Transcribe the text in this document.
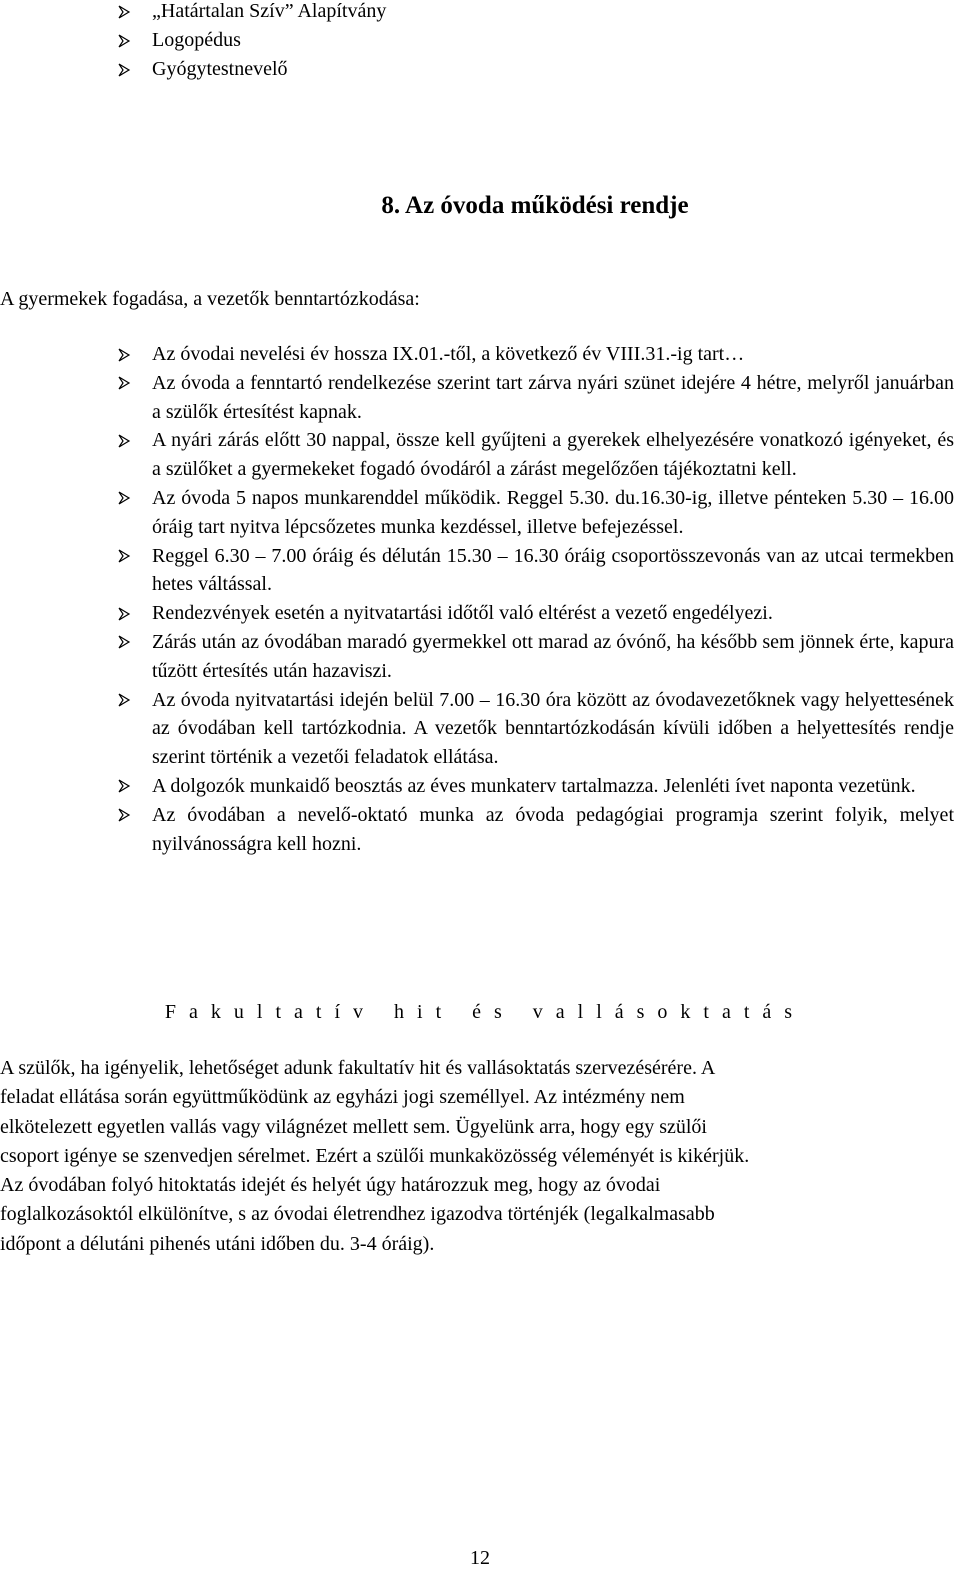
„Határtalan Szív” Alapítvány
Logopédus
Gyógytestnevelő
8. Az óvoda működési rendje
A gyermekek fogadása, a vezetők benntartózkodása:
Az óvodai nevelési év hossza IX.01.-től, a következő év VIII.31.-ig tart…
Az óvoda a fenntartó rendelkezése szerint tart zárva nyári szünet idejére 4 hétre, melyről januárban a szülők értesítést kapnak.
A nyári zárás előtt 30 nappal, össze kell gyűjteni a gyerekek elhelyezésére vonatkozó igényeket, és a szülőket a gyermekeket fogadó óvodáról a zárást megelőzően tájékoztatni kell.
Az óvoda 5 napos munkarenddel működik. Reggel 5.30. du.16.30-ig, illetve pénteken 5.30 – 16.00 óráig tart nyitva lépcsőzetes munka kezdéssel, illetve befejezéssel.
Reggel 6.30 – 7.00 óráig és délután 15.30 – 16.30 óráig csoportösszevonás van az utcai termekben hetes váltással.
Rendezvények esetén a nyitvatartási időtől való eltérést a vezető engedélyezi.
Zárás után az óvodában maradó gyermekkel ott marad az óvónő, ha később sem jönnek érte, kapura tűzött értesítés után hazaviszi.
Az óvoda nyitvatartási idején belül 7.00 – 16.30 óra között az óvodavezetőknek vagy helyettesének az óvodában kell tartózkodnia. A vezetők benntartózkodásán kívüli időben a helyettesítés rendje szerint történik a vezetői feladatok ellátása.
A dolgozók munkaidő beosztás az éves munkaterv tartalmazza. Jelenléti ívet naponta vezetünk.
Az óvodában a nevelő-oktató munka az óvoda pedagógiai programja szerint folyik, melyet nyilvánosságra kell hozni.
Fakultatív hit és vallásoktatás
A szülők, ha igényelik, lehetőséget adunk fakultatív hit és vallásoktatás szervezésérére. A
feladat ellátása során együttműködünk az egyházi jogi személlyel. Az intézmény nem
elkötelezett egyetlen vallás vagy világnézet mellett sem. Ügyelünk arra, hogy egy szülői
csoport igénye se szenvedjen sérelmet. Ezért a szülői munkaközösség véleményét is kikérjük.
Az óvodában folyó hitoktatás idejét és helyét úgy határozzuk meg, hogy az óvodai
foglalkozásoktól elkülönítve, s az óvodai életrendhez igazodva történjék (legalkalmasabb
időpont a délutáni pihenés utáni időben du. 3-4 óráig).
12
